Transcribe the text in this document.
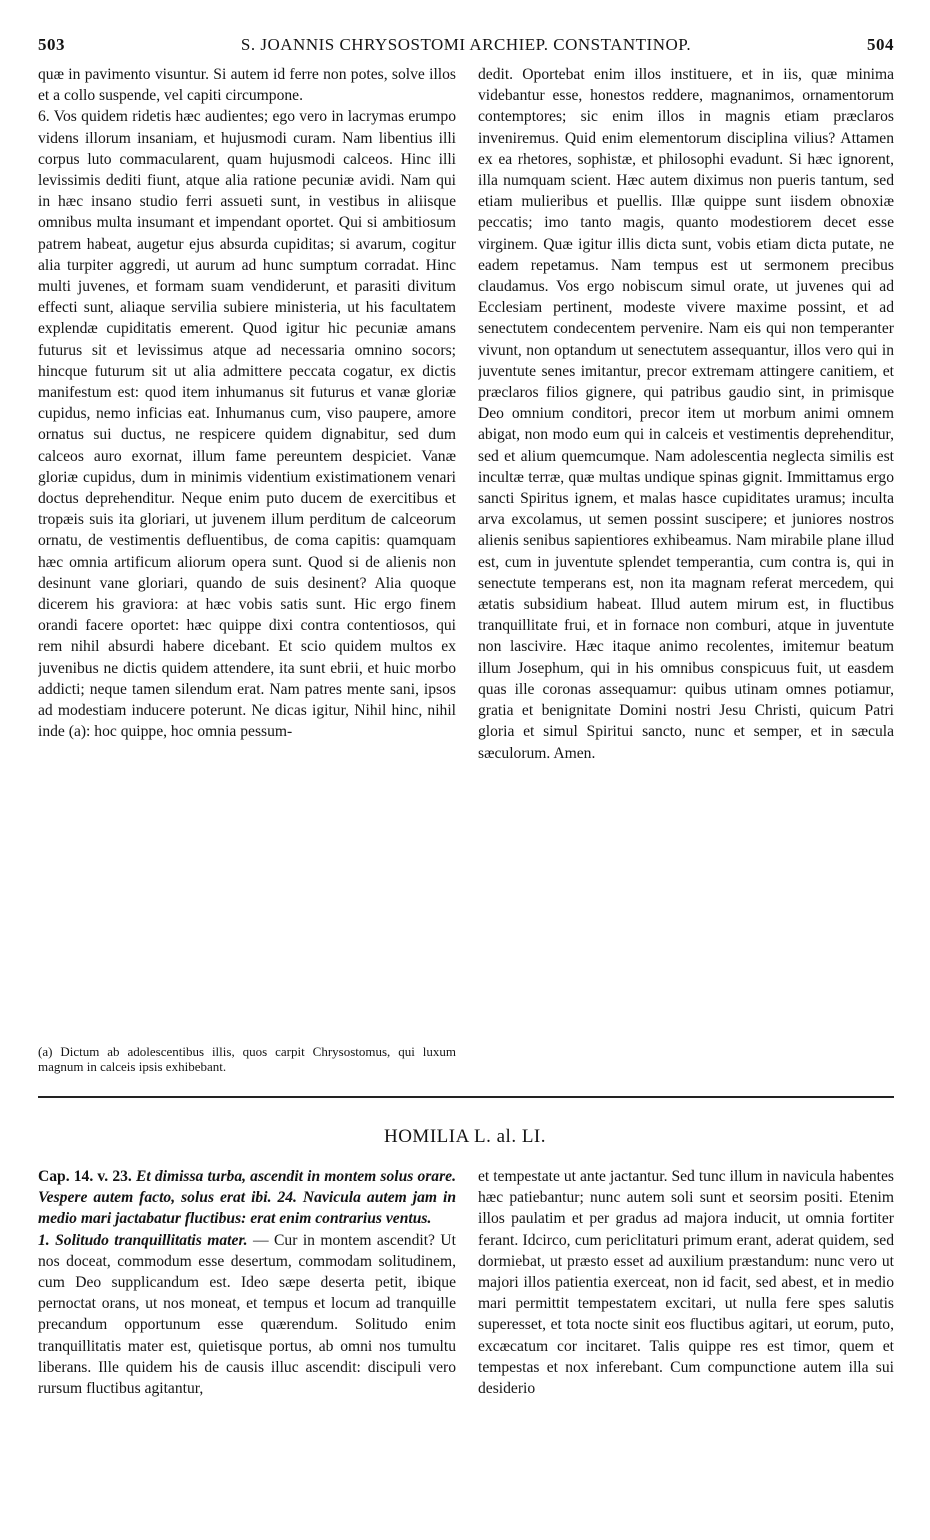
503	S. JOANNIS CHRYSOSTOMI ARCHIEP. CONSTANTINOP.	504

quæ in pavimento visuntur. Si autem id ferre non potes, solve illos et a collo suspende, vel capiti circumpone.

6. Vos quidem ridetis hæc audientes; ego vero in lacrymas erumpo videns illorum insaniam, et hujusmodi curam. Nam libentius illi corpus luto commacularent, quam hujusmodi calceos. Hinc illi levissimis dediti fiunt, atque alia ratione pecuniæ avidi. Nam qui in hæc insano studio ferri assueti sunt, in vestibus in aliisque omnibus multa insumant et impendant oportet. Qui si ambitiosum patrem habeat, augetur ejus absurda cupiditas; si avarum, cogitur alia turpiter aggredi, ut aurum ad hunc sumptum corradat. Hinc multi juvenes, et formam suam vendiderunt, et parasiti divitum effecti sunt, aliaque servilia subiere ministeria, ut his facultatem explendæ cupiditatis emerent. Quod igitur hic pecuniæ amans futurus sit et levissimus atque ad necessaria omnino socors; hincque futurum sit ut alia admittere peccata cogatur, ex dictis manifestum est: quod item inhumanus sit futurus et vanæ gloriæ cupidus, nemo inficias eat. Inhumanus cum, viso paupere, amore ornatus sui ductus, ne respicere quidem dignabitur, sed dum calceos auro exornat, illum fame pereuntem despiciet. Vanæ gloriæ cupidus, dum in minimis videntium existimationem venari doctus deprehenditur. Neque enim puto ducem de exercitibus et tropæis suis ita gloriari, ut juvenem illum perditum de calceorum ornatu, de vestimentis defluentibus, de coma capitis: quamquam hæc omnia artificum aliorum opera sunt. Quod si de alienis non desinunt vane gloriari, quando de suis desinent? Alia quoque dicerem his graviora: at hæc vobis satis sunt. Hic ergo finem orandi facere oportet: hæc quippe dixi contra contentiosos, qui rem nihil absurdi habere dicebant. Et scio quidem multos ex juvenibus ne dictis quidem attendere, ita sunt ebrii, et huic morbo addicti; neque tamen silendum erat. Nam patres mente sani, ipsos ad modestiam inducere poterunt. Ne dicas igitur, Nihil hinc, nihil inde (a): hoc quippe, hoc omnia pessum-

(a) Dictum ab adolescentibus illis, quos carpit Chrysostomus, qui luxum magnum in calceis ipsis exhibebant.

dedit. Oportebat enim illos instituere, et in iis, quæ minima videbantur esse, honestos reddere, magnanimos, ornamentorum contemptores; sic enim illos in magnis etiam præclaros inveniremus. Quid enim elementorum disciplina vilius? Attamen ex ea rhetores, sophistæ, et philosophi evadunt. Si hæc ignorent, illa numquam scient. Hæc autem diximus non pueris tantum, sed etiam mulieribus et puellis. Illæ quippe sunt iisdem obnoxiæ peccatis; imo tanto magis, quanto modestiorem decet esse virginem. Quæ igitur illis dicta sunt, vobis etiam dicta putate, ne eadem repetamus. Nam tempus est ut sermonem precibus claudamus. Vos ergo nobiscum simul orate, ut juvenes qui ad Ecclesiam pertinent, modeste vivere maxime possint, et ad senectutem condecentem pervenire. Nam eis qui non temperanter vivunt, non optandum ut senectutem assequantur, illos vero qui in juventute senes imitantur, precor extremam attingere canitiem, et præclaros filios gignere, qui patribus gaudio sint, in primisque Deo omnium conditori, precor item ut morbum animi omnem abigat, non modo eum qui in calceis et vestimentis deprehenditur, sed et alium quemcumque. Nam adolescentia neglecta similis est incultæ terræ, quæ multas undique spinas gignit. Immittamus ergo sancti Spiritus ignem, et malas hasce cupiditates uramus; inculta arva excolamus, ut semen possint suscipere; et juniores nostros alienis senibus sapientiores exhibeamus. Nam mirabile plane illud est, cum in juventute splendet temperantia, cum contra is, qui in senectute temperans est, non ita magnam referat mercedem, qui ætatis subsidium habeat. Illud autem mirum est, in fluctibus tranquillitate frui, et in fornace non comburi, atque in juventute non lascivire. Hæc itaque animo recolentes, imitemur beatum illum Josephum, qui in his omnibus conspicuus fuit, ut easdem quas ille coronas assequamur: quibus utinam omnes potiamur, gratia et benignitate Domini nostri Jesu Christi, quicum Patri gloria et simul Spiritui sancto, nunc et semper, et in sæcula sæculorum. Amen.

HOMILIA L. al. LI.

Cap. 14. v. 23. Et dimissa turba, ascendit in montem solus orare. Vespere autem facto, solus erat ibi. 24. Navicula autem jam in medio mari jactabatur fluctibus: erat enim contrarius ventus.

1. Solitudo tranquillitatis mater. — Cur in montem ascendit? Ut nos doceat, commodum esse desertum, commodam solitudinem, cum Deo supplicandum est. Ideo sæpe deserta petit, ibique pernoctat orans, ut nos moneat, et tempus et locum ad tranquille precandum opportunum esse quærendum. Solitudo enim tranquillitatis mater est, quietisque portus, ab omni nos tumultu liberans. Ille quidem his de causis illuc ascendit: discipuli vero rursum fluctibus agitantur,

et tempestate ut ante jactantur. Sed tunc illum in navicula habentes hæc patiebantur; nunc autem soli sunt et seorsim positi. Etenim illos paulatim et per gradus ad majora inducit, ut omnia fortiter ferant. Idcirco, cum periclitaturi primum erant, aderat quidem, sed dormiebat, ut præsto esset ad auxilium præstandum: nunc vero ut majori illos patientia exerceat, non id facit, sed abest, et in medio mari permittit tempestatem excitari, ut nulla fere spes salutis superesset, et tota nocte sinit eos fluctibus agitari, ut eorum, puto, excæcatum cor incitaret. Talis quippe res est timor, quem et tempestas et nox inferebant. Cum compunctione autem illa sui desiderio
